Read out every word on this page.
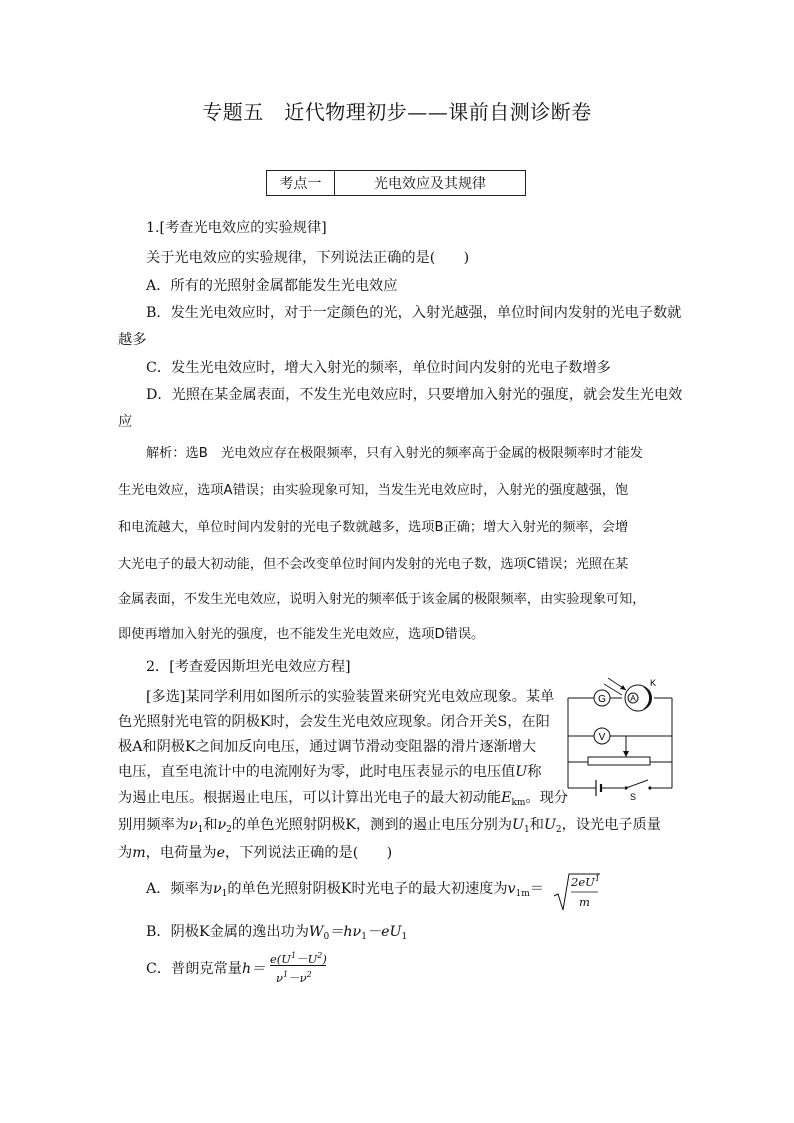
专题五　近代物理初步——课前自测诊断卷
考点一	光电效应及其规律
1.[考查光电效应的实验规律]
关于光电效应的实验规律，下列说法正确的是(　　)
A．所有的光照射金属都能发生光电效应
B．发生光电效应时，对于一定颜色的光，入射光越强，单位时间内发射的光电子数就
越多
C．发生光电效应时，增大入射光的频率，单位时间内发射的光电子数增多
D．光照在某金属表面，不发生光电效应时，只要增加入射光的强度，就会发生光电效
应
解析：选B　光电效应存在极限频率，只有入射光的频率高于金属的极限频率时才能发
生光电效应，选项A错误；由实验现象可知，当发生光电效应时，入射光的强度越强，饱
和电流越大，单位时间内发射的光电子数就越多，选项B正确；增大入射光的频率，会增
大光电子的最大初动能，但不会改变单位时间内发射的光电子数，选项C错误；光照在某
金属表面，不发生光电效应，说明入射光的频率低于该金属的极限频率，由实验现象可知，
即使再增加入射光的强度，也不能发生光电效应，选项D错误。
2．[考查爱因斯坦光电效应方程]
[多选]某同学利用如图所示的实验装置来研究光电效应现象。某单
色光照射光电管的阴极K时，会发生光电效应现象。闭合开关S，在阳
极A和阴极K之间加反向电压，通过调节滑动变阻器的滑片逐渐增大
电压，直至电流计中的电流刚好为零，此时电压表显示的电压值U称
为遏止电压。根据遏止电压，可以计算出光电子的最大初动能$E_{km}$。现分
别用频率为$\nu_1$和$\nu_2$的单色光照射阴极K，测到的遏止电压分别为$U_1$和$U_2$，设光电子质量
为m，电荷量为e，下列说法正确的是(　　)
A．频率为$\nu_1$的单色光照射阴极K时光电子的最大初速度为$v_{1m}= 2eU^1$
m
B．阴极K金属的逸出功为$W_0=h\nu_1-eU_1$
C．普朗克常量h＝
$e(U^1-U^2)$
$\nu^1-\nu^2$
G	A
K
V
S
